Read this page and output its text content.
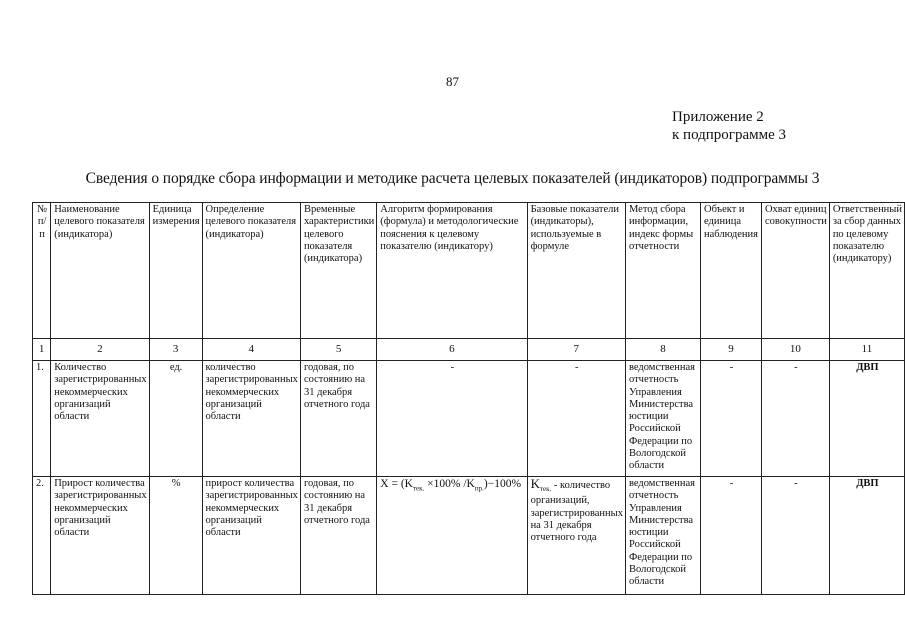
87
Приложение 2
к подпрограмме 3
Сведения о порядке сбора информации и методике расчета целевых показателей (индикаторов) подпрограммы 3
№ п/п	Наименование целевого показателя (индикатора)	Единица измерения	Определение целевого показателя (индикатора)	Временные характеристики целевого показателя (индикатора)	Алгоритм формирования (формула) и методологические пояснения к целевому показателю (индикатору)	Базовые показатели (индикаторы), используемые в формуле	Метод сбора информации, индекс формы отчетности	Объект и единица наблюдения	Охват единиц совокупности	Ответственный за сбор данных по целевому показателю (индикатору)
1	2	3	4	5	6	7	8	9	10	11
1.	Количество зарегистрированных некоммерческих организаций области	ед.	количество зарегистрированных некоммерческих организаций области	годовая, по состоянию на 31 декабря отчетного года	-	-	ведомственная отчетность Управления Министерства юстиции Российской Федерации по Вологодской области	-	-	ДВП
2.	Прирост количества зарегистрированных некоммерческих организаций области	%	прирост количества зарегистрированных некоммерческих организаций области	годовая, по состоянию на 31 декабря отчетного года	$X = (K_{тек.} \times 100\%$ $/K_{пр.})-100\%$	$K_{тек.}$ - количество организаций, зарегистрированных на 31 декабря отчетного года	ведомственная отчетность Управления Министерства юстиции Российской Федерации по Вологодской области	-	-	ДВП
